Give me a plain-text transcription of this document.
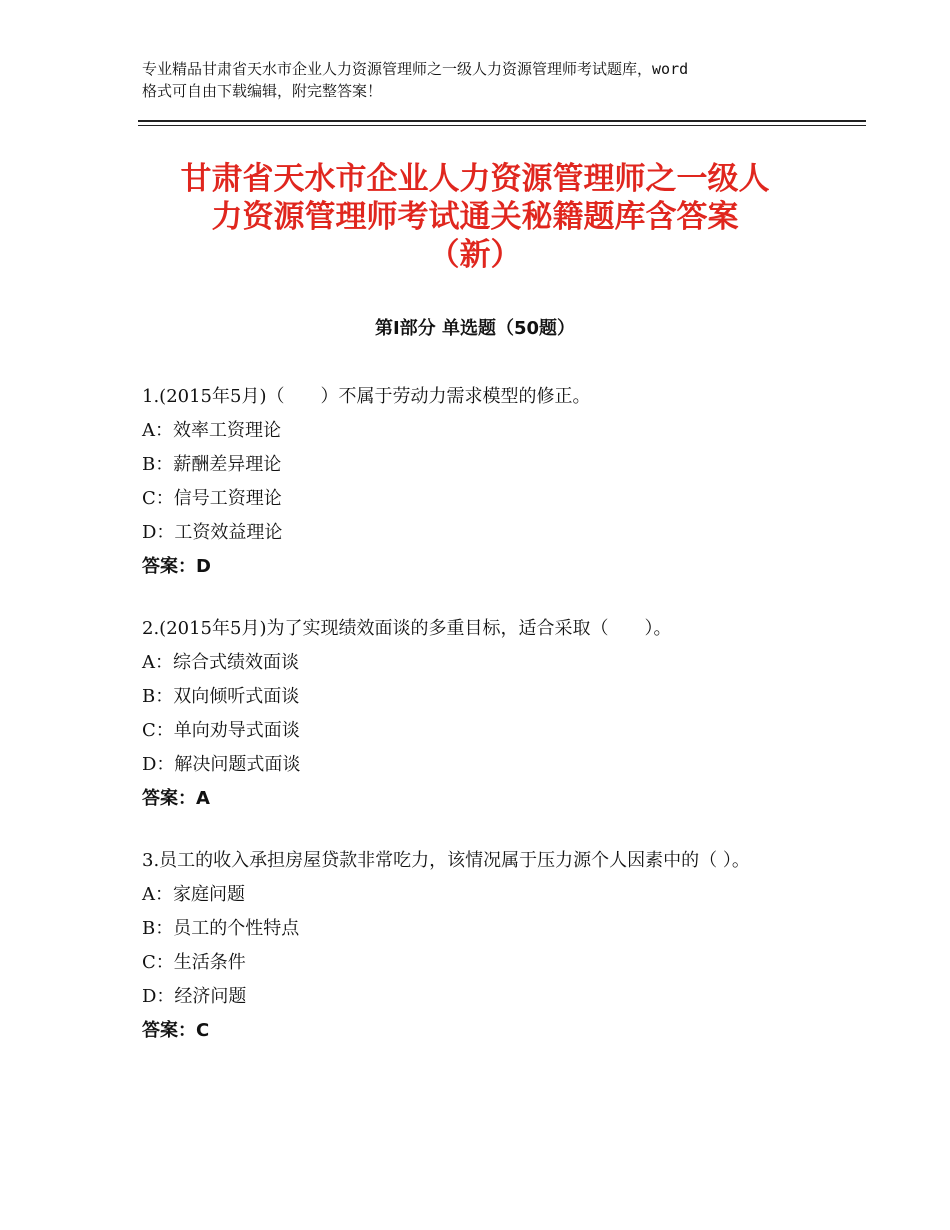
专业精品甘肃省天水市企业人力资源管理师之一级人力资源管理师考试题库，word
格式可自由下载编辑，附完整答案！
甘肃省天水市企业人力资源管理师之一级人
力资源管理师考试通关秘籍题库含答案
（新）
第Ⅰ部分 单选题（50题）
1.(2015年5月)（　　）不属于劳动力需求模型的修正。
A：效率工资理论
B：薪酬差异理论
C：信号工资理论
D：工资效益理论
答案：D
2.(2015年5月)为了实现绩效面谈的多重目标，适合采取（　　）。
A：综合式绩效面谈
B：双向倾听式面谈
C：单向劝导式面谈
D：解决问题式面谈
答案：A
3.员工的收入承担房屋贷款非常吃力，该情况属于压力源个人因素中的（ ）。
A：家庭问题
B：员工的个性特点
C：生活条件
D：经济问题
答案：C
